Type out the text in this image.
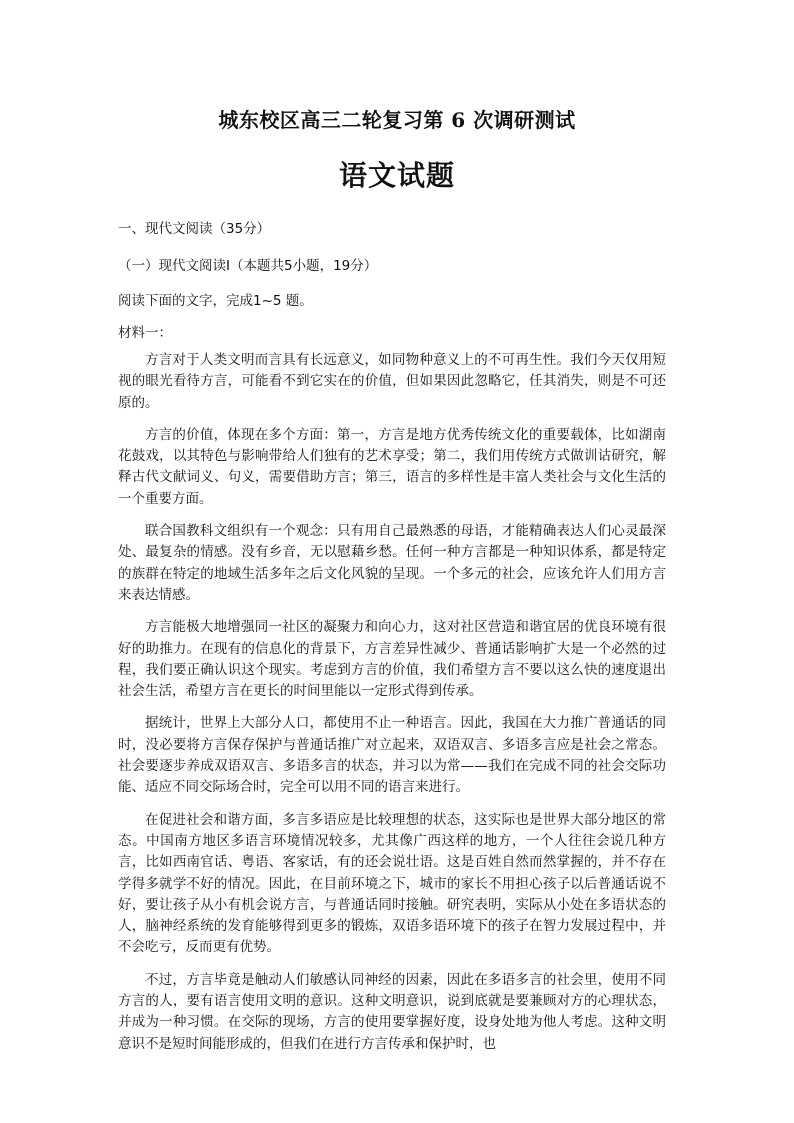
城东校区高三二轮复习第 6 次调研测试
语文试题
一、现代文阅读（35分）
（一）现代文阅读Ⅰ（本题共5小题，19分）
阅读下面的文字，完成1~5 题。
材料一：

方言对于人类文明而言具有长远意义，如同物种意义上的不可再生性。我们今天仅用短视的眼光看待方言，可能看不到它实在的价值，但如果因此忽略它，任其消失，则是不可还原的。

方言的价值，体现在多个方面：第一，方言是地方优秀传统文化的重要载体，比如湖南花鼓戏，以其特色与影响带给人们独有的艺术享受；第二，我们用传统方式做训诂研究，解释古代文献词义、句义，需要借助方言；第三，语言的多样性是丰富人类社会与文化生活的一个重要方面。

联合国教科文组织有一个观念：只有用自己最熟悉的母语，才能精确表达人们心灵最深处、最复杂的情感。没有乡音，无以慰藉乡愁。任何一种方言都是一种知识体系，都是特定的族群在特定的地域生活多年之后文化风貌的呈现。一个多元的社会，应该允许人们用方言来表达情感。

方言能极大地增强同一社区的凝聚力和向心力，这对社区营造和谐宜居的优良环境有很好的助推力。在现有的信息化的背景下，方言差异性减少、普通话影响扩大是一个必然的过程，我们要正确认识这个现实。考虑到方言的价值，我们希望方言不要以这么快的速度退出社会生活，希望方言在更长的时间里能以一定形式得到传承。

据统计，世界上大部分人口，都使用不止一种语言。因此，我国在大力推广普通话的同时，没必要将方言保存保护与普通话推广对立起来，双语双言、多语多言应是社会之常态。社会要逐步养成双语双言、多语多言的状态，并习以为常——我们在完成不同的社会交际功能、适应不同交际场合时，完全可以用不同的语言来进行。

在促进社会和谐方面，多言多语应是比较理想的状态，这实际也是世界大部分地区的常态。中国南方地区多语言环境情况较多，尤其像广西这样的地方，一个人往往会说几种方言，比如西南官话、粤语、客家话，有的还会说壮语。这是百姓自然而然掌握的，并不存在学得多就学不好的情况。因此，在目前环境之下，城市的家长不用担心孩子以后普通话说不好，要让孩子从小有机会说方言，与普通话同时接触。研究表明，实际从小处在多语状态的人，脑神经系统的发育能够得到更多的锻炼，双语多语环境下的孩子在智力发展过程中，并不会吃亏，反而更有优势。

不过，方言毕竟是触动人们敏感认同神经的因素，因此在多语多言的社会里，使用不同方言的人，要有语言使用文明的意识。这种文明意识，说到底就是要兼顾对方的心理状态，并成为一种习惯。在交际的现场，方言的使用要掌握好度，设身处地为他人考虑。这种文明意识不是短时间能形成的，但我们在进行方言传承和保护时，也
